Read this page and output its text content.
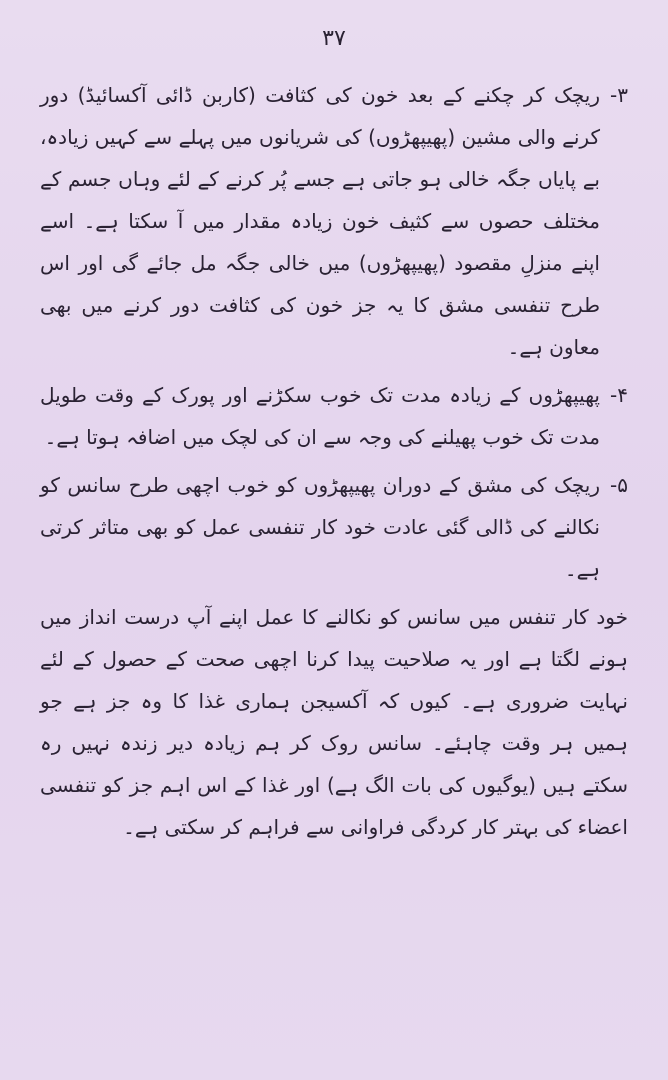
۳۷
۳-

ریچک کر چکنے کے بعد خون کی کثافت (کاربن ڈائی آکسائیڈ) دور کرنے والی مشین (پھیپھڑوں) کی شریانوں میں پہلے سے کہیں زیادہ، بے پایاں جگہ خالی ہو جاتی ہے جسے پُر کرنے کے لئے وہاں جسم کے مختلف حصوں سے کثیف خون زیادہ مقدار میں آ سکتا ہے۔ اسے اپنے منزلِ مقصود (پھیپھڑوں) میں خالی جگہ مل جائے گی اور اس طرح تنفسی مشق کا یہ جز خون کی کثافت دور کرنے میں بھی معاون ہے۔

۴-

پھیپھڑوں کے زیادہ مدت تک خوب سکڑنے اور پورک کے وقت طویل مدت تک خوب پھیلنے کی وجہ سے ان کی لچک میں اضافہ ہوتا ہے۔

۵-

ریچک کی مشق کے دوران پھیپھڑوں کو خوب اچھی طرح سانس کو نکالنے کی ڈالی گئی عادت خود کار تنفسی عمل کو بھی متاثر کرتی ہے۔

خود کار تنفس میں سانس کو نکالنے کا عمل اپنے آپ درست انداز میں ہونے لگتا ہے اور یہ صلاحیت پیدا کرنا اچھی صحت کے حصول کے لئے نہایت ضروری ہے۔ کیوں کہ آکسیجن ہماری غذا کا وہ جز ہے جو ہمیں ہر وقت چاہئے۔ سانس روک کر ہم زیادہ دیر زندہ نہیں رہ سکتے ہیں (یوگیوں کی بات الگ ہے) اور غذا کے اس اہم جز کو تنفسی اعضاء کی بہتر کار کردگی فراوانی سے فراہم کر سکتی ہے۔
